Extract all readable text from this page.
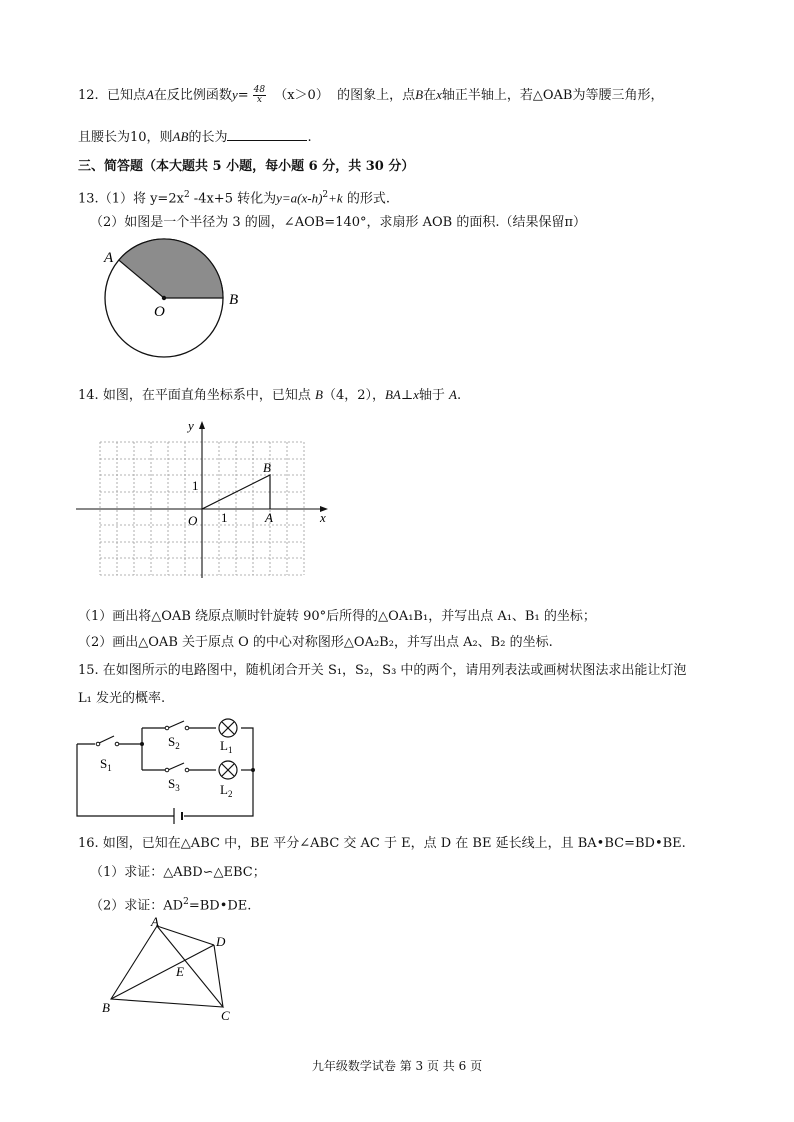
12. 已知点A在反比例函数$y= \frac{48}{x} (x>0)$ 的图象上，点B在x轴正半轴上，若△OAB为等腰三角形，
且腰长为10，则AB的长为	.
三、简答题（本大题共 5 小题，每小题 6 分，共 30 分）
13.（1）将 $y=2x^2$ -4x+5 转化为$y=a(x-h)^2+k$ 的形式.
（2）如图是一个半径为 3 的圆，∠AOB=140°，求扇形 AOB 的面积.（结果保留π）
A
O
B
14. 如图，在平面直角坐标系中，已知点 B（4，2），BA⊥x轴于 A.
y
x
O 1
1
A
B
（1）画出将△OAB 绕原点顺时针旋转 90°后所得的△OA₁B₁，并写出点 A₁、B₁ 的坐标；
（2）画出△OAB 关于原点 O 的中心对称图形△OA₂B₂，并写出点 A₂、B₂ 的坐标.
15. 在如图所示的电路图中，随机闭合开关 S₁，S₂，S₃ 中的两个，请用列表法或画树状图法求出能让灯泡
L₁ 发光的概率.
$S_1$
$S_2$
$S_3$
$L_1$
$L_2$
16. 如图，已知在△ABC 中，BE 平分∠ABC 交 AC 于 E，点 D 在 BE 延长线上，且 BA•BC=BD•BE.
（1）求证：△ABD∽△EBC；
（2）求证：$AD^2=BD•DE$.
A
D
E
B
C
九年级数学试卷 第 3 页 共 6 页
